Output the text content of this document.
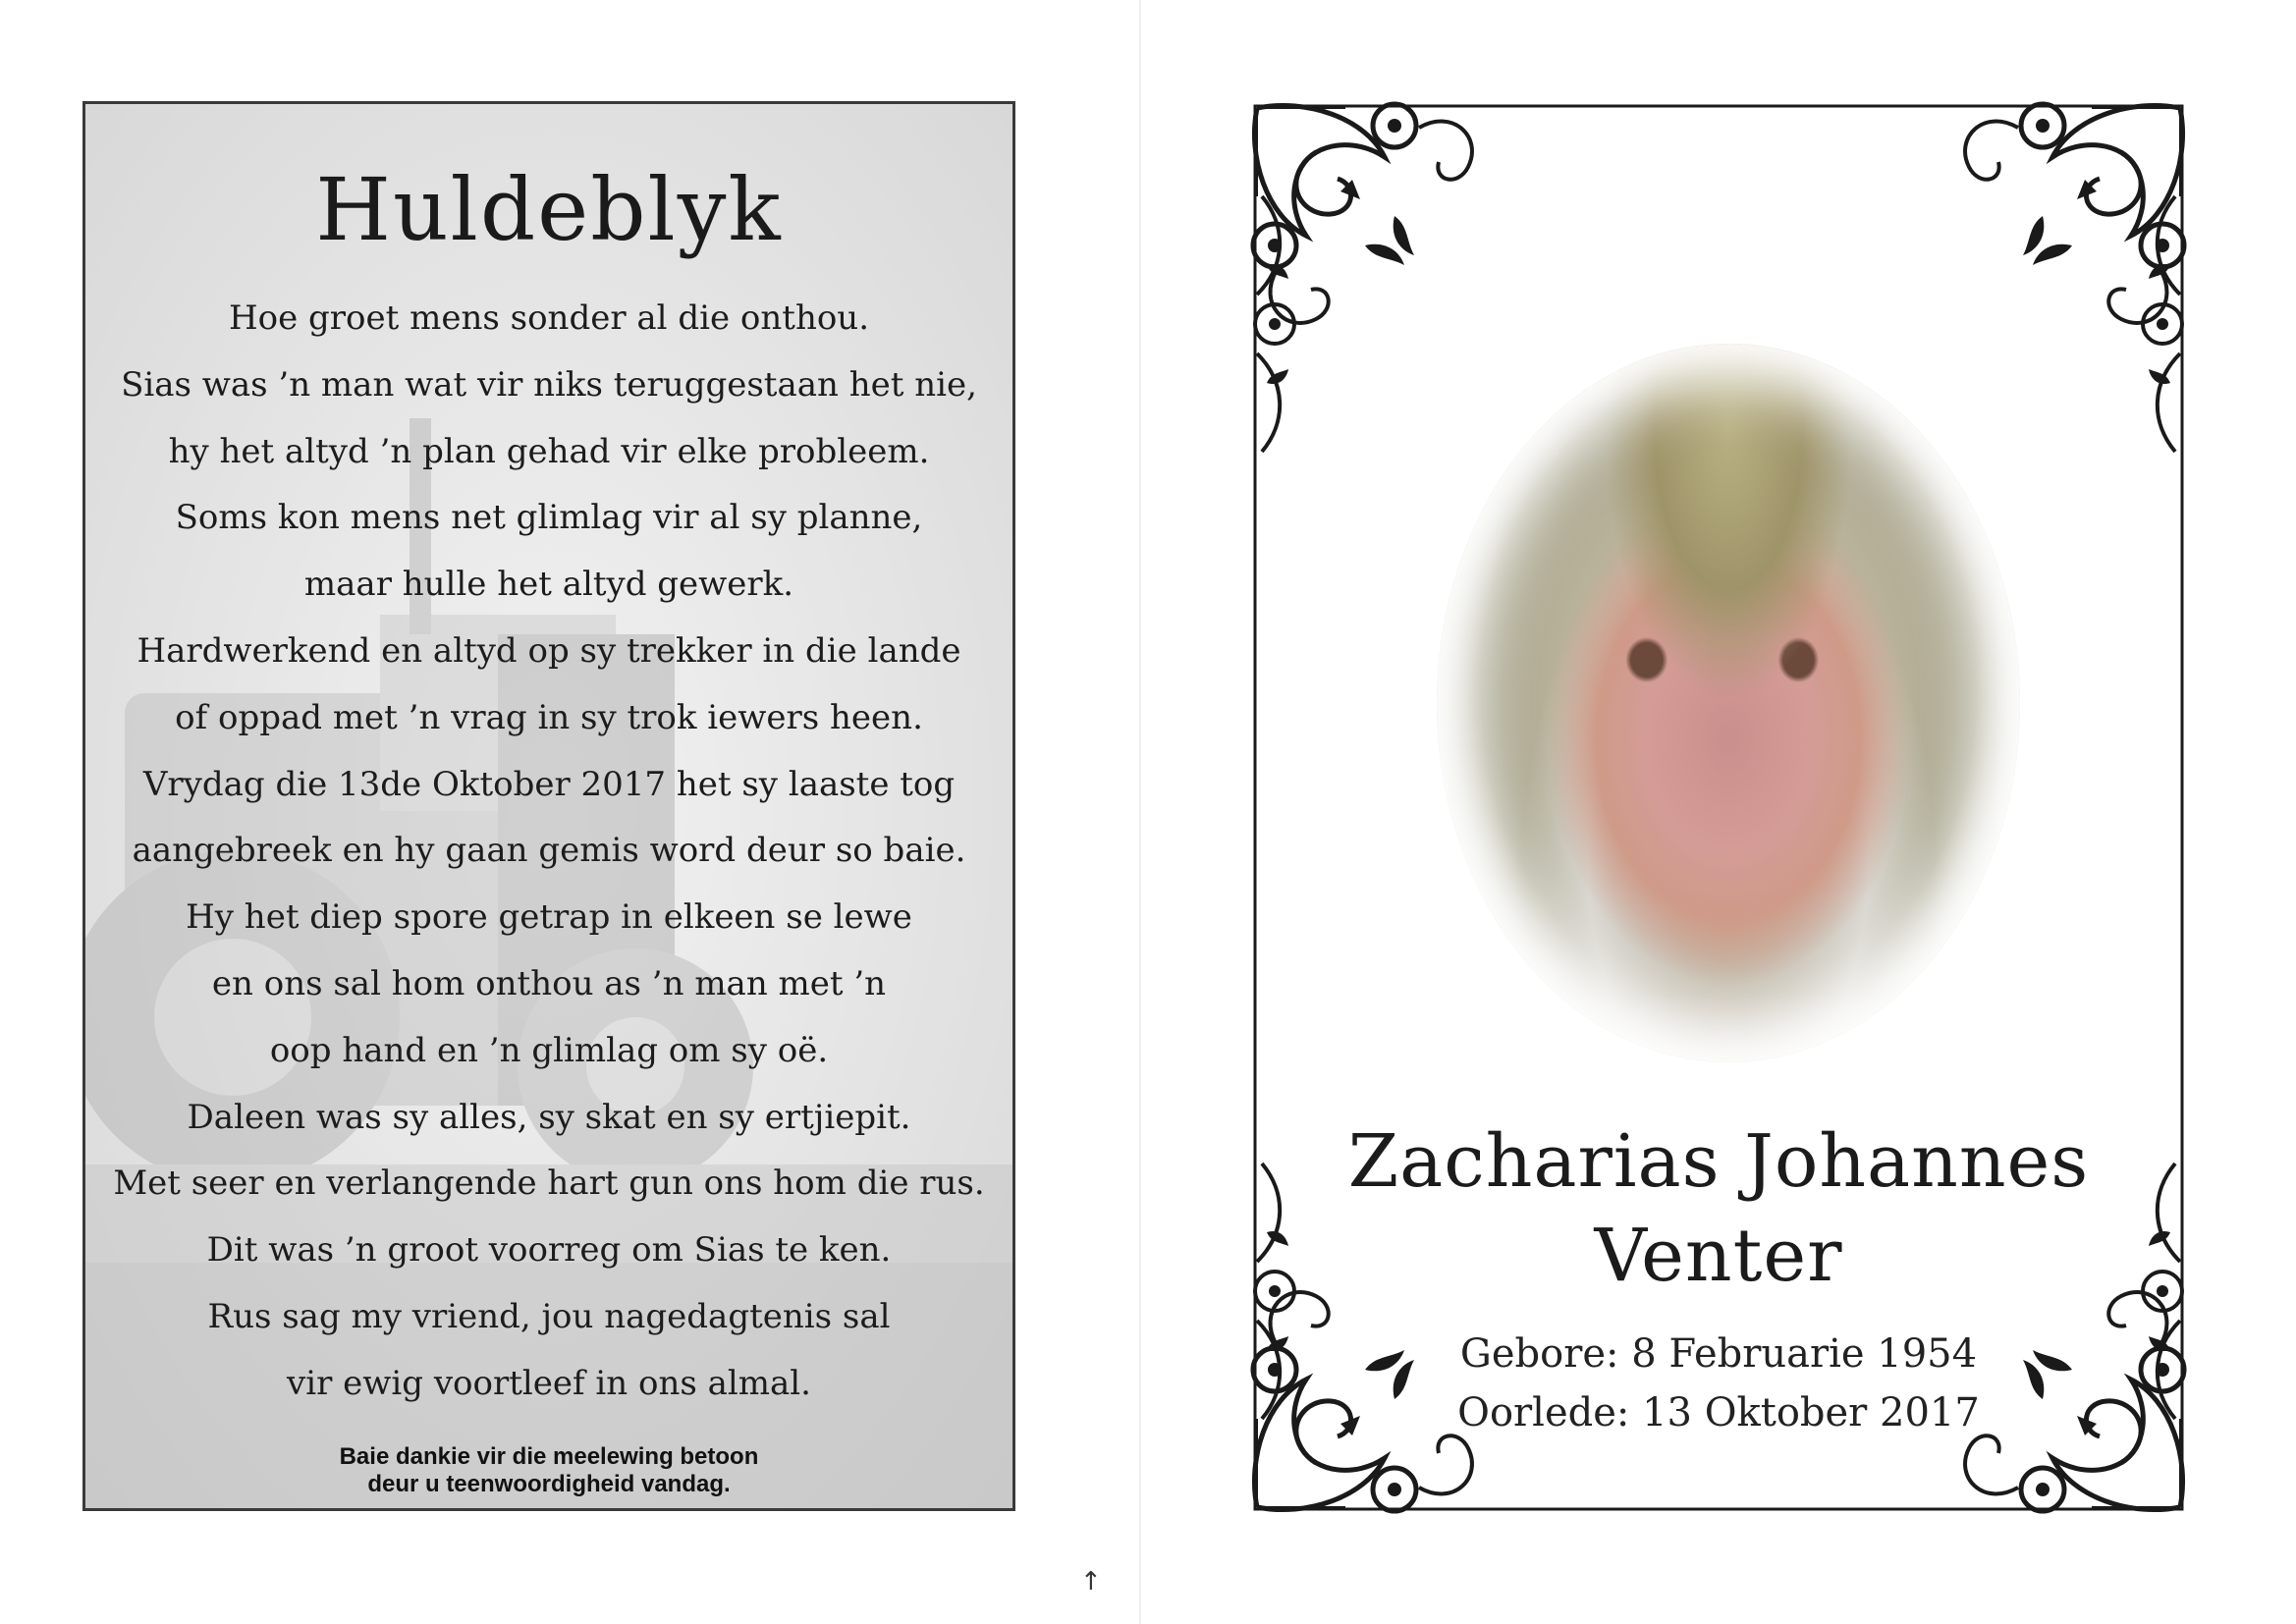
Huldeblyk
Hoe groet mens sonder al die onthou.
Sias was ’n man wat vir niks teruggestaan het nie,
hy het altyd ’n plan gehad vir elke probleem.
Soms kon mens net glimlag vir al sy planne,
maar hulle het altyd gewerk.
Hardwerkend en altyd op sy trekker in die lande
of oppad met ’n vrag in sy trok iewers heen.
Vrydag die 13de Oktober 2017 het sy laaste tog
aangebreek en hy gaan gemis word deur so baie.
Hy het diep spore getrap in elkeen se lewe
en ons sal hom onthou as ’n man met ’n
oop hand en ’n glimlag om sy oë.
Daleen was sy alles, sy skat en sy ertjiepit.
Met seer en verlangende hart gun ons hom die rus.
Dit was ’n groot voorreg om Sias te ken.
Rus sag my vriend, jou nagedagtenis sal
vir ewig voortleef in ons almal.
Baie dankie vir die meelewing betoon
deur u teenwoordigheid vandag.
Zacharias Johannes
Venter
Gebore: 8 Februarie 1954
Oorlede: 13 Oktober 2017
↑
